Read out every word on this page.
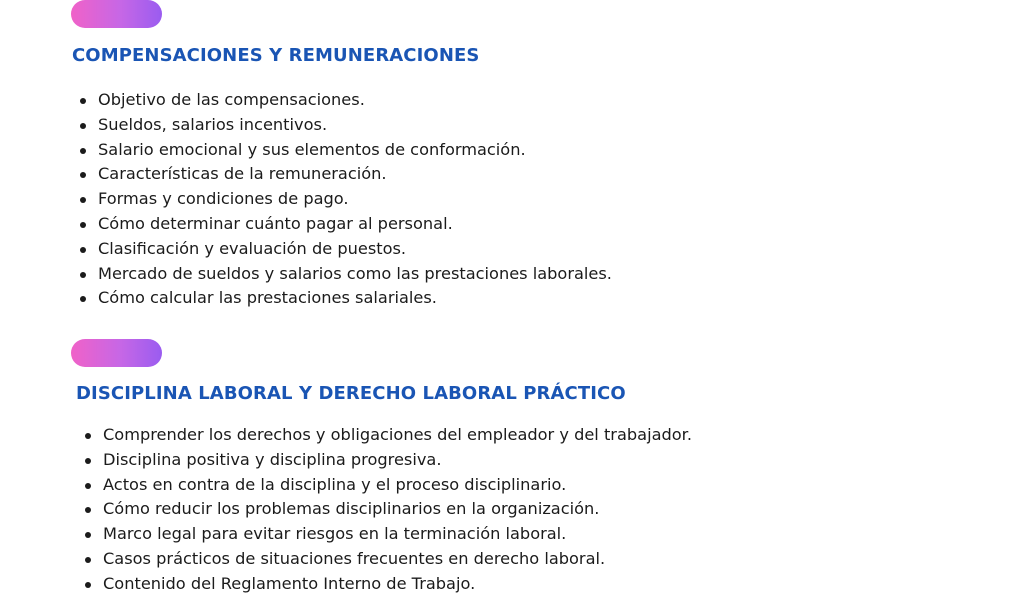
COMPENSACIONES Y REMUNERACIONES
Objetivo de las compensaciones.
Sueldos, salarios incentivos.
Salario emocional y sus elementos de conformación.
Características de la remuneración.
Formas y condiciones de pago.
Cómo determinar cuánto pagar al personal.
Clasificación y evaluación de puestos.
Mercado de sueldos y salarios como las prestaciones laborales.
Cómo calcular las prestaciones salariales.
DISCIPLINA LABORAL Y DERECHO LABORAL PRÁCTICO
Comprender los derechos y obligaciones del empleador y del trabajador.
Disciplina positiva y disciplina progresiva.
Actos en contra de la disciplina y el proceso disciplinario.
Cómo reducir los problemas disciplinarios en la organización.
Marco legal para evitar riesgos en la terminación laboral.
Casos prácticos de situaciones frecuentes en derecho laboral.
Contenido del Reglamento Interno de Trabajo.
